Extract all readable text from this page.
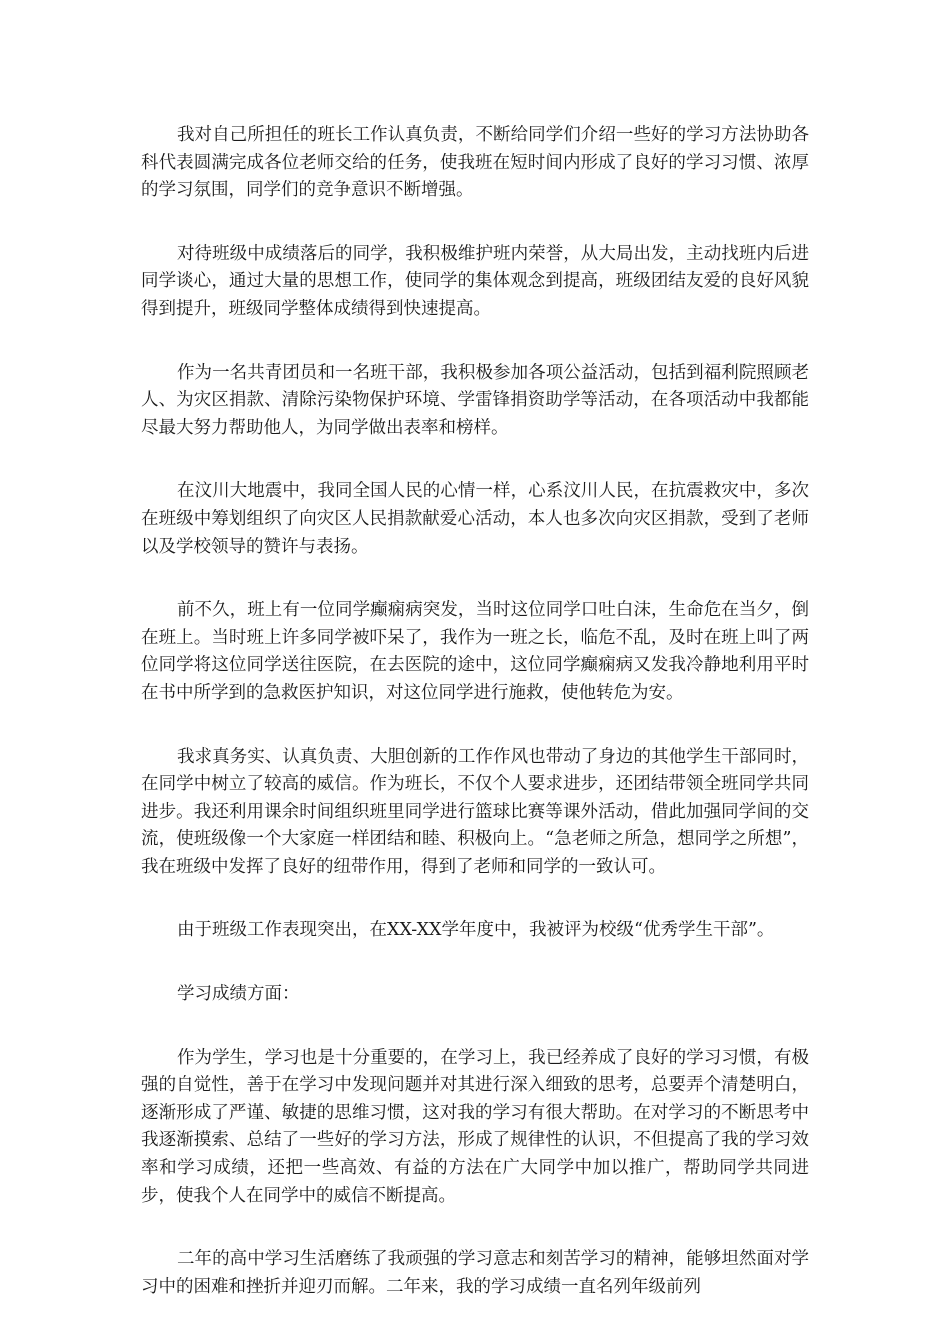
我对自己所担任的班长工作认真负责，不断给同学们介绍一些好的学习方法协助各科代表圆满完成各位老师交给的任务，使我班在短时间内形成了良好的学习习惯、浓厚的学习氛围，同学们的竞争意识不断增强。

对待班级中成绩落后的同学，我积极维护班内荣誉，从大局出发，主动找班内后进同学谈心，通过大量的思想工作，使同学的集体观念到提高，班级团结友爱的良好风貌得到提升，班级同学整体成绩得到快速提高。

作为一名共青团员和一名班干部，我积极参加各项公益活动，包括到福利院照顾老人、为灾区捐款、清除污染物保护环境、学雷锋捐资助学等活动，在各项活动中我都能尽最大努力帮助他人，为同学做出表率和榜样。

在汶川大地震中，我同全国人民的心情一样，心系汶川人民，在抗震救灾中，多次在班级中筹划组织了向灾区人民捐款献爱心活动，本人也多次向灾区捐款，受到了老师以及学校领导的赞许与表扬。

前不久，班上有一位同学癫痫病突发，当时这位同学口吐白沫，生命危在当夕，倒在班上。当时班上许多同学被吓呆了，我作为一班之长，临危不乱，及时在班上叫了两位同学将这位同学送往医院，在去医院的途中，这位同学癫痫病又发我冷静地利用平时在书中所学到的急救医护知识，对这位同学进行施救，使他转危为安。

我求真务实、认真负责、大胆创新的工作作风也带动了身边的其他学生干部同时，在同学中树立了较高的威信。作为班长，不仅个人要求进步，还团结带领全班同学共同进步。我还利用课余时间组织班里同学进行篮球比赛等课外活动，借此加强同学间的交流，使班级像一个大家庭一样团结和睦、积极向上。“急老师之所急，想同学之所想”，我在班级中发挥了良好的纽带作用，得到了老师和同学的一致认可。

由于班级工作表现突出，在XX-XX学年度中，我被评为校级“优秀学生干部”。

学习成绩方面：

作为学生，学习也是十分重要的，在学习上，我已经养成了良好的学习习惯，有极强的自觉性，善于在学习中发现问题并对其进行深入细致的思考，总要弄个清楚明白，逐渐形成了严谨、敏捷的思维习惯，这对我的学习有很大帮助。在对学习的不断思考中我逐渐摸索、总结了一些好的学习方法，形成了规律性的认识，不但提高了我的学习效率和学习成绩，还把一些高效、有益的方法在广大同学中加以推广，帮助同学共同进步，使我个人在同学中的威信不断提高。

二年的高中学习生活磨练了我顽强的学习意志和刻苦学习的精神，能够坦然面对学习中的困难和挫折并迎刃而解。二年来，我的学习成绩一直名列年级前列
